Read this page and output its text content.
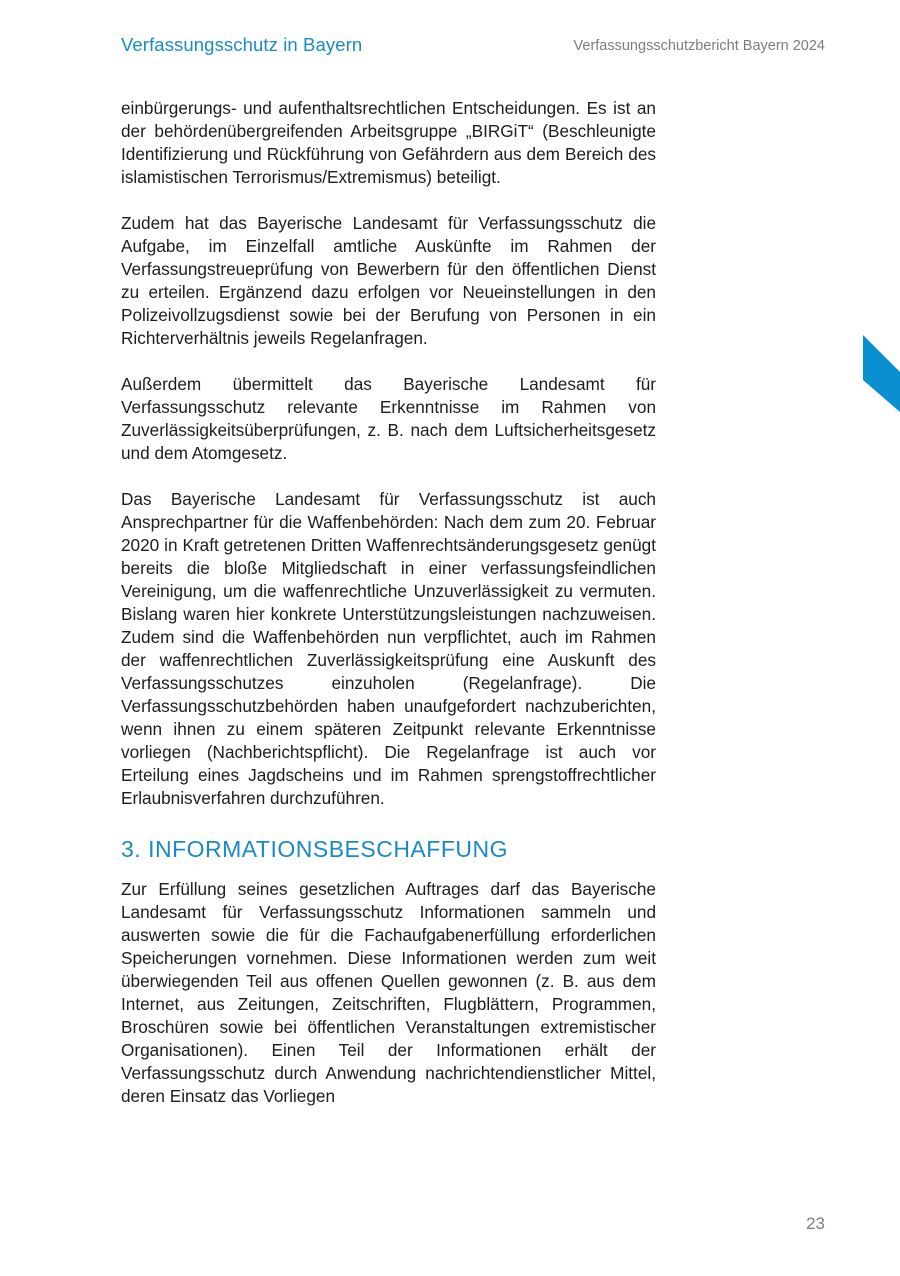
Verfassungsschutz in Bayern	Verfassungsschutzbericht Bayern 2024

einbürgerungs- und aufenthaltsrechtlichen Entscheidungen. Es ist an der behördenübergreifenden Arbeitsgruppe „BIRGiT“ (Beschleunigte Identifizierung und Rückführung von Gefährdern aus dem Bereich des islamistischen Terrorismus/Extremismus) beteiligt.

Zudem hat das Bayerische Landesamt für Verfassungsschutz die Aufgabe, im Einzelfall amtliche Auskünfte im Rahmen der Verfassungstreueprüfung von Bewerbern für den öffentlichen Dienst zu erteilen. Ergänzend dazu erfolgen vor Neueinstellungen in den Polizeivollzugsdienst sowie bei der Berufung von Personen in ein Richterverhältnis jeweils Regelanfragen.

Außerdem übermittelt das Bayerische Landesamt für Verfassungsschutz relevante Erkenntnisse im Rahmen von Zuverlässigkeitsüberprüfungen, z. B. nach dem Luftsicherheitsgesetz und dem Atomgesetz.

Das Bayerische Landesamt für Verfassungsschutz ist auch Ansprechpartner für die Waffenbehörden: Nach dem zum 20. Februar 2020 in Kraft getretenen Dritten Waffenrechtsänderungsgesetz genügt bereits die bloße Mitgliedschaft in einer verfassungsfeindlichen Vereinigung, um die waffenrechtliche Unzuverlässigkeit zu vermuten. Bislang waren hier konkrete Unterstützungsleistungen nachzuweisen. Zudem sind die Waffenbehörden nun verpflichtet, auch im Rahmen der waffenrechtlichen Zuverlässigkeitsprüfung eine Auskunft des Verfassungsschutzes einzuholen (Regelanfrage). Die Verfassungsschutzbehörden haben unaufgefordert nachzuberichten, wenn ihnen zu einem späteren Zeitpunkt relevante Erkenntnisse vorliegen (Nachberichtspflicht). Die Regelanfrage ist auch vor Erteilung eines Jagdscheins und im Rahmen sprengstoffrechtlicher Erlaubnisverfahren durchzuführen.

3. INFORMATIONSBESCHAFFUNG

Zur Erfüllung seines gesetzlichen Auftrages darf das Bayerische Landesamt für Verfassungsschutz Informationen sammeln und auswerten sowie die für die Fachaufgabenerfüllung erforderlichen Speicherungen vornehmen. Diese Informationen werden zum weit überwiegenden Teil aus offenen Quellen gewonnen (z. B. aus dem Internet, aus Zeitungen, Zeitschriften, Flugblättern, Programmen, Broschüren sowie bei öffentlichen Veranstaltungen extremistischer Organisationen). Einen Teil der Informationen erhält der Verfassungsschutz durch Anwendung nachrichtendienstlicher Mittel, deren Einsatz das Vorliegen

23
